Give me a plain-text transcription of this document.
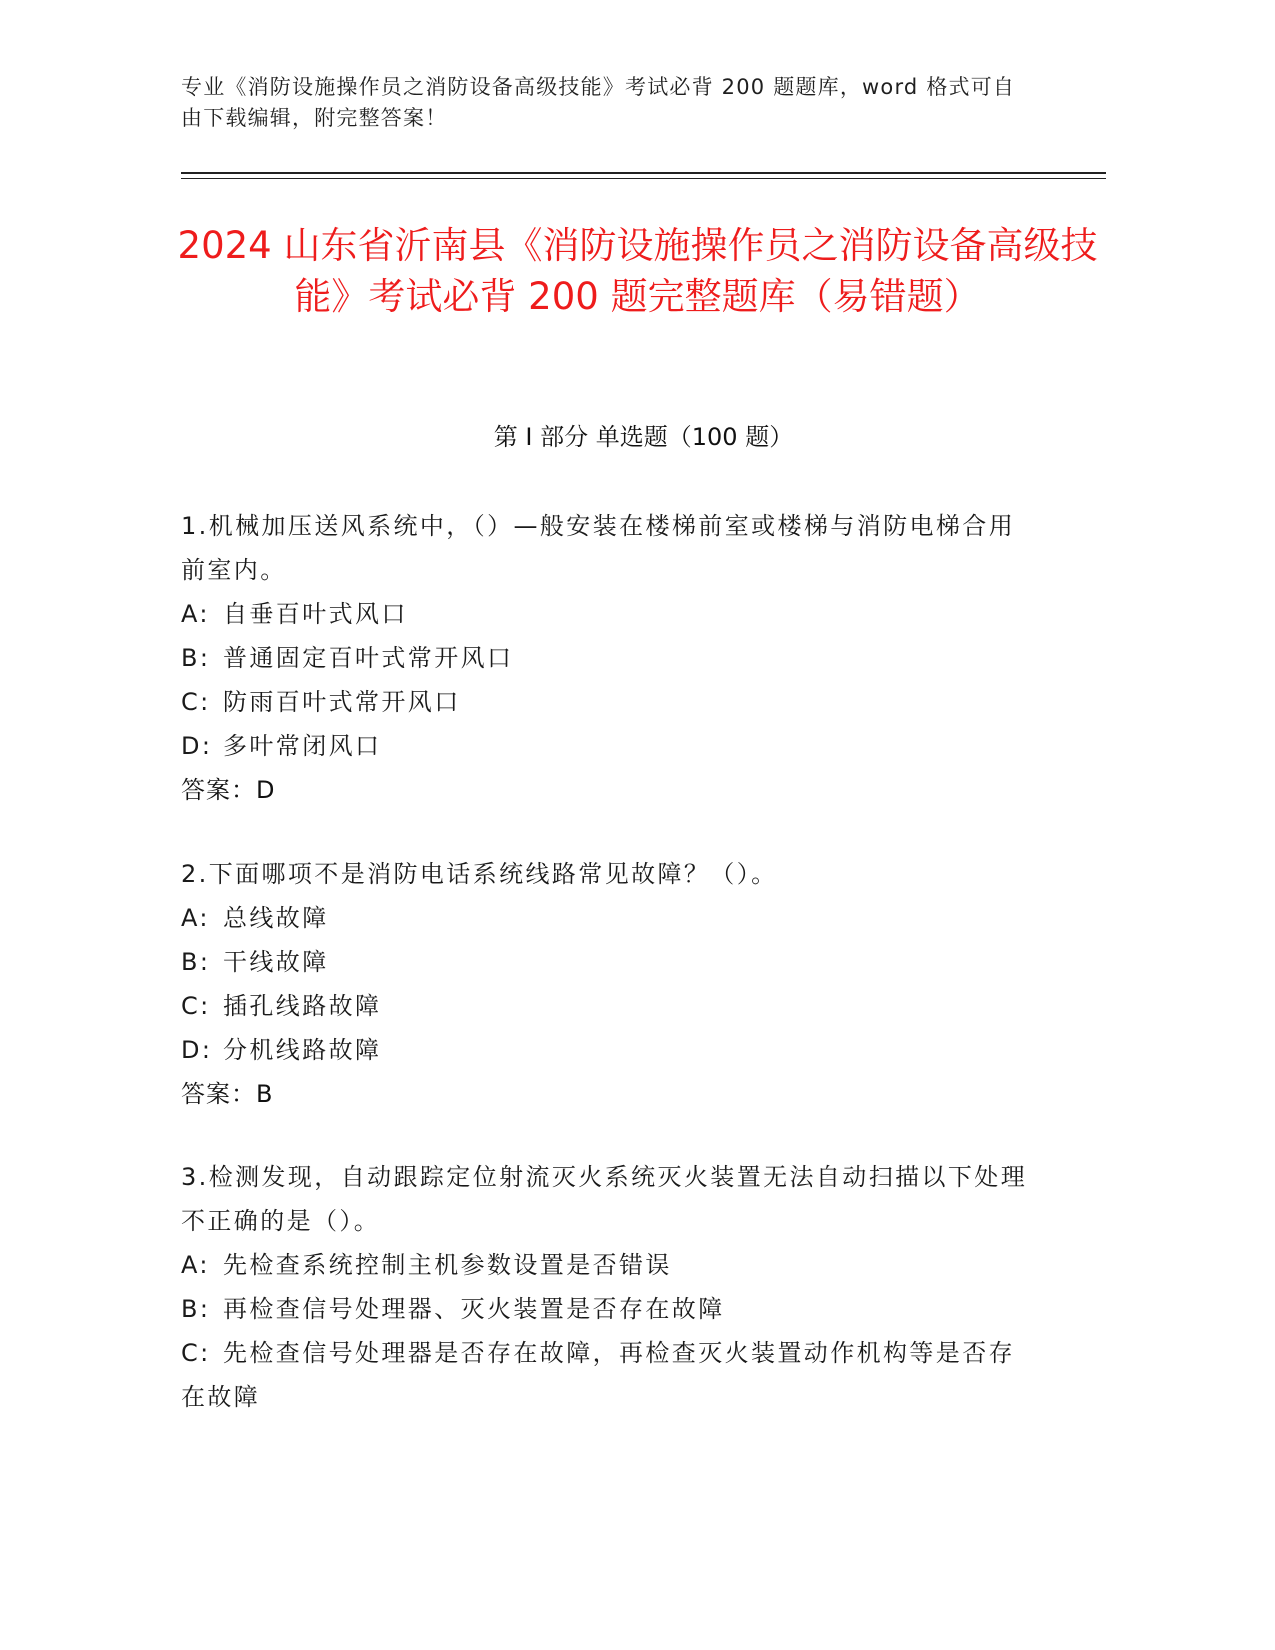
专业《消防设施操作员之消防设备高级技能》考试必背 200 题题库，word 格式可自由下载编辑，附完整答案！
2024 山东省沂南县《消防设施操作员之消防设备高级技能》考试必背 200 题完整题库（易错题）
第 I 部分 单选题（100 题）
1.机械加压送风系统中，（）—般安装在楼梯前室或楼梯与消防电梯合用前室内。
A: 自垂百叶式风口
B: 普通固定百叶式常开风口
C: 防雨百叶式常开风口
D: 多叶常闭风口
答案：D
2.下面哪项不是消防电话系统线路常见故障？（）。
A: 总线故障
B: 干线故障
C: 插孔线路故障
D: 分机线路故障
答案：B
3.检测发现，自动跟踪定位射流灭火系统灭火装置无法自动扫描以下处理不正确的是（）。
A: 先检查系统控制主机参数设置是否错误
B: 再检查信号处理器、灭火装置是否存在故障
C: 先检查信号处理器是否存在故障，再检查灭火装置动作机构等是否存在故障
